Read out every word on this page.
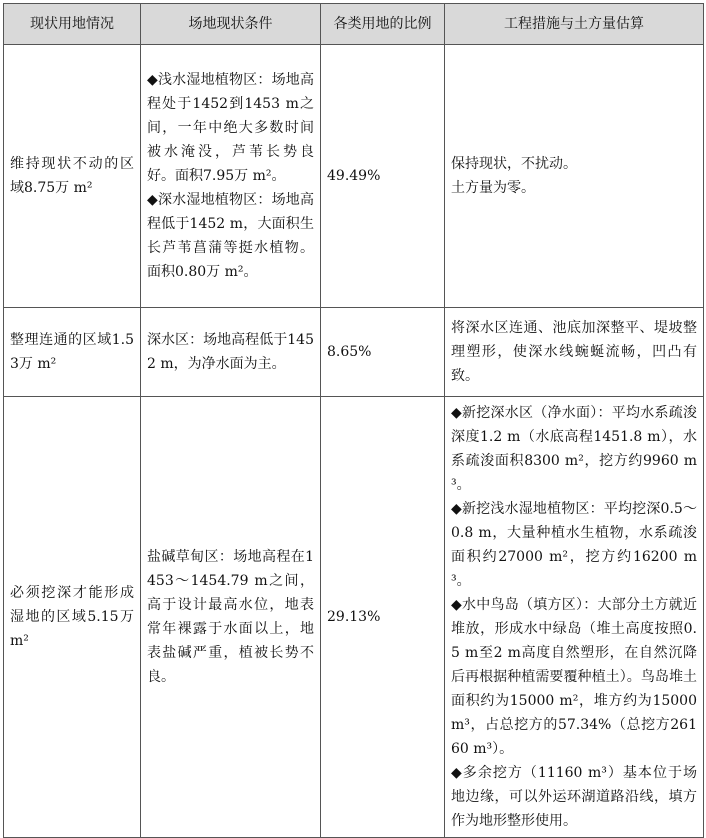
现状用地情况	场地现状条件	各类用地的比例	工程措施与土方量估算

维持现状不动的区域8.75万 m²	◆浅水湿地植物区：场地高程处于1452到1453 m之间，一年中绝大多数时间被水淹没，芦苇长势良好。面积7.95万 m²。
◆深水湿地植物区：场地高程低于1452 m，大面积生长芦苇菖蒲等挺水植物。面积0.80万 m²。	49.49%	保持现状，不扰动。
土方量为零。

整理连通的区域1.53万 m²	深水区：场地高程低于1452 m，为净水面为主。	8.65%	将深水区连通、池底加深整平、堤坡整理塑形，使深水线蜿蜒流畅，凹凸有致。

必须挖深才能形成湿地的区域5.15万 m²	盐碱草甸区：场地高程在1453～1454.79 m之间，高于设计最高水位，地表常年裸露于水面以上，地表盐碱严重，植被长势不良。	29.13%	◆新挖深水区（净水面）：平均水系疏浚深度1.2 m（水底高程1451.8 m），水系疏浚面积8300 m²，挖方约9960 m³。
◆新挖浅水湿地植物区：平均挖深0.5～0.8 m，大量种植水生植物，水系疏浚面积约27000 m²，挖方约16200 m³。
◆水中鸟岛（填方区）：大部分土方就近堆放，形成水中绿岛（堆土高度按照0.5 m至2 m高度自然塑形，在自然沉降后再根据种植需要覆种植土）。鸟岛堆土面积约为15000 m²，堆方约为15000 m³，占总挖方的57.34%（总挖方26160 m³）。
◆多余挖方（11160 m³）基本位于场地边缘，可以外运环湖道路沿线，填方作为地形整形使用。
